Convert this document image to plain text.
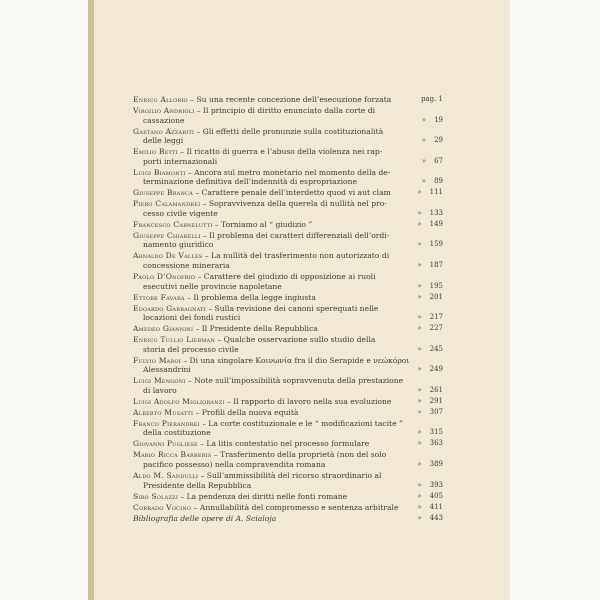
Enrico Allorio – Su una recente concezione dell’esecuzione forzata	pag. 1
Virgilio Andrioli – Il principio di diritto enunciato dalla corte di
cassazione	» 19
Gaetano Azzariti – Gli effetti delle pronunzie sulla costituzionalità
delle leggi	» 29
Emilio Betti – Il ricatto di guerra e l’abuso della violenza nei rap-
porti internazionali	» 67
Luigi Biamonti – Ancora sul metro monetario nel momento della de-
terminazione definitiva dell’indennità di espropriazione	» 89
Giuseppe Branca – Carattere penale dell’interdetto quod vi aut clam	» 111
Piero Calamandrei – Sopravvivenza della querela di nullità nel pro-
cesso civile vigente	» 133
Francesco Carnelutti – Torniamo al “ giudizio ”	» 149
Giuseppe Chiarelli – Il problema dei caratteri differenziali dell’ordi-
namento giuridico	» 159
Arnaldo De Valles – La nullità del trasferimento non autorizzato di
concessione mineraria	» 187
Paolo D’Onofrio – Carattere del giudizio di opposizione ai ruoli
esecutivi nelle provincie napoletane	» 195
Ettore Favara – Il problema della legge ingiusta	» 201
Edoardo Garbagnati – Sulla revisione dei canoni sperequati nelle
locazioni dei fondi rustici	» 217
Amedeo Giannini – Il Presidente della Repubblica	» 227
Enrico Tullio Liebman – Qualche osservazione sullo studio della
storia del processo civile	» 245
Fulvio Maroi – Di una singolare Κοινωνία fra il dio Serapide e νεώκόροι
Alessandrini	» 249
Luigi Mengoni – Note sull’impossibilità sopravvenuta della prestazione
di lavoro	» 261
Luigi Adolfo Miglioranzi – Il rapporto di lavoro nella sua evoluzione	» 291
Alberto Musatti – Profili della nuova equità	» 307
Franco Pierandrei – La corte costituzionale e le “ modificazioni tacite ”
della costituzione	» 315
Giovanni Pugliese – La litis contestatio nel processo formulare	» 363
Mario Ricca Barberis – Trasferimento della proprietà (non del solo
pacifico possesso) nella compravendita romana	» 389
Aldo M. Sandulli – Sull’ammissibilità del ricorso straordinario al
Presidente della Repubblica	» 393
Siro Solazzi – La pendenza dei diritti nelle fonti romane	» 405
Corrado Vocino – Annullabilità del compromesso e sentenza arbitrale	» 411
Bibliografia delle opere di A. Scialoja	» 443
